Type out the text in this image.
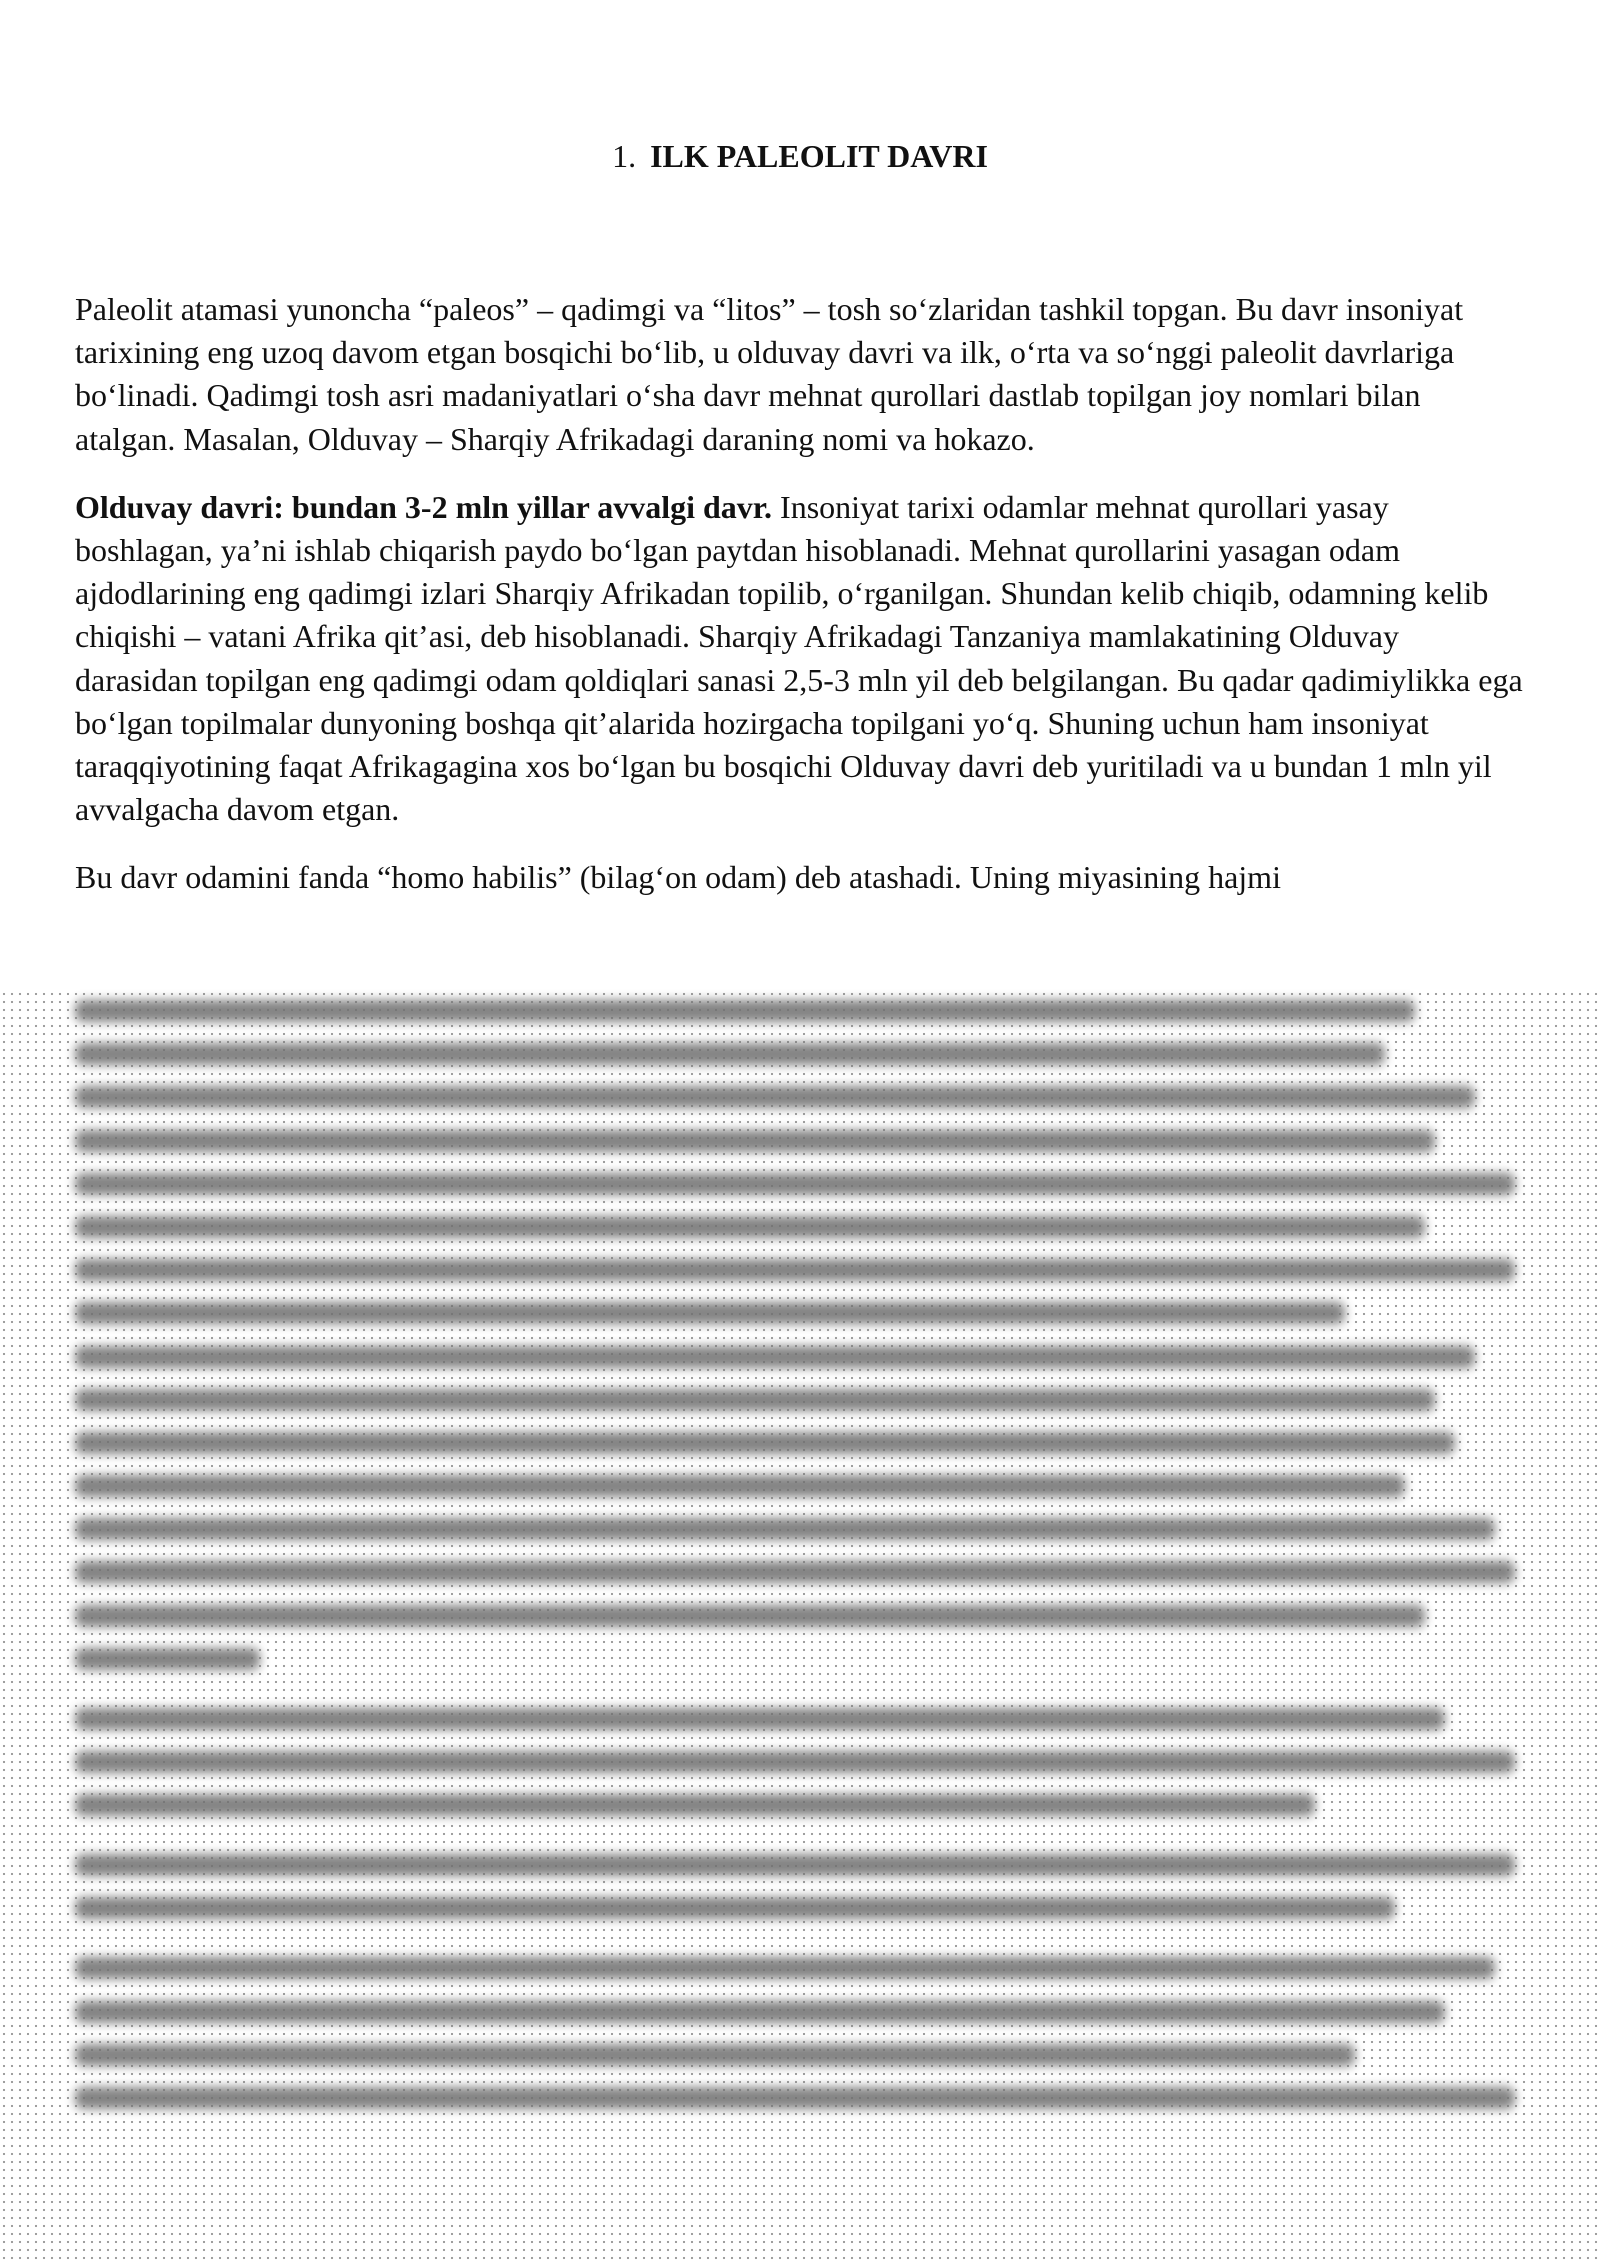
1. ILK PALEOLIT DAVRI

Paleolit atamasi yunoncha “paleos” – qadimgi va “litos” – tosh so‘zlaridan tashkil topgan. Bu davr insoniyat tarixining eng uzoq davom etgan bosqichi bo‘lib, u olduvay davri va ilk, o‘rta va so‘nggi paleolit davrlariga bo‘linadi. Qadimgi tosh asri madaniyatlari o‘sha davr mehnat qurollari dastlab topilgan joy nomlari bilan atalgan. Masalan, Olduvay – Sharqiy Afrikadagi daraning nomi va hokazo.

Olduvay davri: bundan 3-2 mln yillar avvalgi davr. Insoniyat tarixi odamlar mehnat qurollari yasay boshlagan, ya’ni ishlab chiqarish paydo bo‘lgan paytdan hisoblanadi. Mehnat qurollarini yasagan odam ajdodlarining eng qadimgi izlari Sharqiy Afrikadan topilib, o‘rganilgan. Shundan kelib chiqib, odamning kelib chiqishi – vatani Afrika qit’asi, deb hisoblanadi. Sharqiy Afrikadagi Tanzaniya mamlakatining Olduvay darasidan topilgan eng qadimgi odam qoldiqlari sanasi 2,5-3 mln yil deb belgilangan. Bu qadar qadimiylikka ega bo‘lgan topilmalar dunyoning boshqa qit’alarida hozirgacha topilgani yo‘q. Shuning uchun ham insoniyat taraqqiyotining faqat Afrikagagina xos bo‘lgan bu bosqichi Olduvay davri deb yuritiladi va u bundan 1 mln yil avvalgacha davom etgan.

Bu davr odamini fanda “homo habilis” (bilag‘on odam) deb atashadi. Uning miyasining hajmi
